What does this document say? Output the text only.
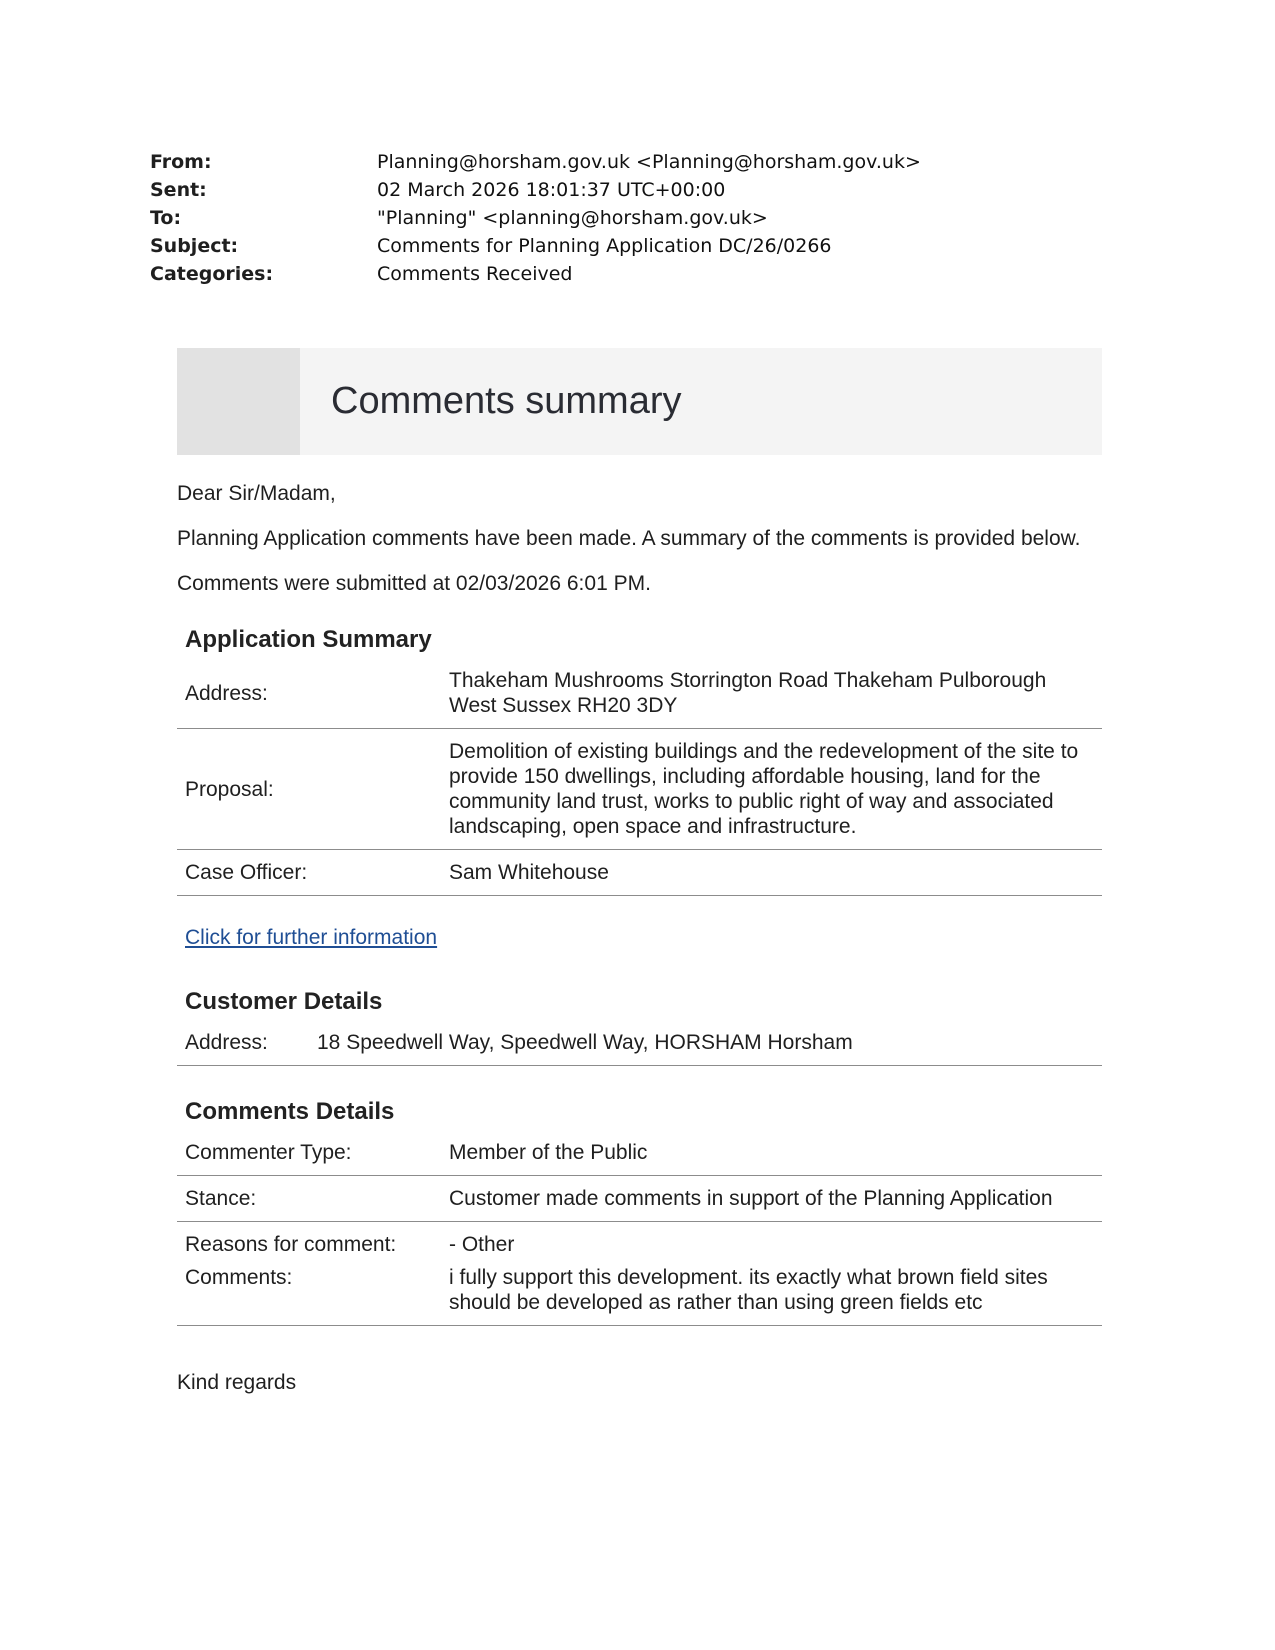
From:	Planning@horsham.gov.uk <Planning@horsham.gov.uk>
Sent:	02 March 2026 18:01:37 UTC+00:00
To:	"Planning" <planning@horsham.gov.uk>
Subject:	Comments for Planning Application DC/26/0266
Categories:	Comments Received
Comments summary

Dear Sir/Madam,

Planning Application comments have been made. A summary of the comments is provided below.

Comments were submitted at 02/03/2026 6:01 PM.

Application Summary
Address:	Thakeham Mushrooms Storrington Road Thakeham Pulborough West Sussex RH20 3DY
Proposal:	Demolition of existing buildings and the redevelopment of the site to provide 150 dwellings, including affordable housing, land for the community land trust, works to public right of way and associated landscaping, open space and infrastructure.
Case Officer:	Sam Whitehouse
Click for further information
Customer Details
Address:	18 Speedwell Way, Speedwell Way, HORSHAM Horsham
Comments Details
Commenter Type:	Member of the Public
Stance:	Customer made comments in support of the Planning Application
Reasons for comment:	- Other
Comments:	i fully support this development. its exactly what brown field sites should be developed as rather than using green fields etc

Kind regards
